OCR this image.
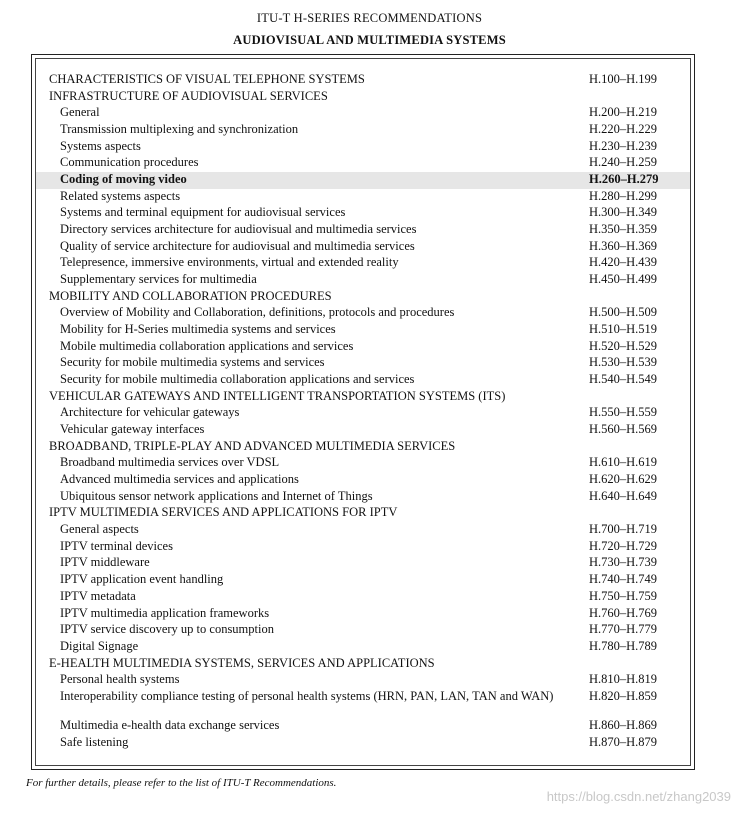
ITU-T H-SERIES RECOMMENDATIONS
AUDIOVISUAL AND MULTIMEDIA SYSTEMS
CHARACTERISTICS OF VISUAL TELEPHONE SYSTEMS	H.100–H.199
INFRASTRUCTURE OF AUDIOVISUAL SERVICES
General	H.200–H.219
Transmission multiplexing and synchronization	H.220–H.229
Systems aspects	H.230–H.239
Communication procedures	H.240–H.259
Coding of moving video	H.260–H.279
Related systems aspects	H.280–H.299
Systems and terminal equipment for audiovisual services	H.300–H.349
Directory services architecture for audiovisual and multimedia services	H.350–H.359
Quality of service architecture for audiovisual and multimedia services	H.360–H.369
Telepresence, immersive environments, virtual and extended reality	H.420–H.439
Supplementary services for multimedia	H.450–H.499
MOBILITY AND COLLABORATION PROCEDURES
Overview of Mobility and Collaboration, definitions, protocols and procedures	H.500–H.509
Mobility for H-Series multimedia systems and services	H.510–H.519
Mobile multimedia collaboration applications and services	H.520–H.529
Security for mobile multimedia systems and services	H.530–H.539
Security for mobile multimedia collaboration applications and services	H.540–H.549
VEHICULAR GATEWAYS AND INTELLIGENT TRANSPORTATION SYSTEMS (ITS)
Architecture for vehicular gateways	H.550–H.559
Vehicular gateway interfaces	H.560–H.569
BROADBAND, TRIPLE-PLAY AND ADVANCED MULTIMEDIA SERVICES
Broadband multimedia services over VDSL	H.610–H.619
Advanced multimedia services and applications	H.620–H.629
Ubiquitous sensor network applications and Internet of Things	H.640–H.649
IPTV MULTIMEDIA SERVICES AND APPLICATIONS FOR IPTV
General aspects	H.700–H.719
IPTV terminal devices	H.720–H.729
IPTV middleware	H.730–H.739
IPTV application event handling	H.740–H.749
IPTV metadata	H.750–H.759
IPTV multimedia application frameworks	H.760–H.769
IPTV service discovery up to consumption	H.770–H.779
Digital Signage	H.780–H.789
E-HEALTH MULTIMEDIA SYSTEMS, SERVICES AND APPLICATIONS
Personal health systems	H.810–H.819
Interoperability compliance testing of personal health systems (HRN, PAN, LAN, TAN and WAN)	H.820–H.859
Multimedia e-health data exchange services	H.860–H.869
Safe listening	H.870–H.879
For further details, please refer to the list of ITU-T Recommendations.
https://blog.csdn.net/zhang2039
